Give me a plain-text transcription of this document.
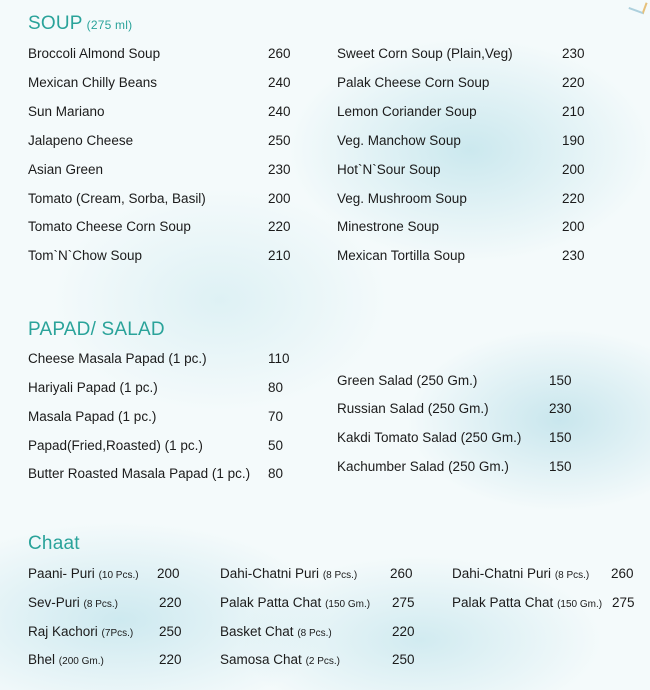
SOUP (275 ml)
Broccoli Almond Soup	260
Mexican Chilly Beans	240
Sun Mariano	240
Jalapeno Cheese	250
Asian Green	230
Tomato (Cream, Sorba, Basil)	200
Tomato Cheese Corn Soup	220
Tom`N`Chow Soup	210
Sweet Corn Soup (Plain,Veg)	230
Palak Cheese Corn Soup	220
Lemon Coriander Soup	210
Veg. Manchow Soup	190
Hot`N`Sour Soup	200
Veg. Mushroom Soup	220
Minestrone Soup	200
Mexican Tortilla Soup	230
PAPAD/ SALAD
Cheese Masala Papad (1 pc.)	110
Hariyali Papad (1 pc.)	80
Masala Papad (1 pc.)	70
Papad(Fried,Roasted) (1 pc.)	50
Butter Roasted Masala Papad (1 pc.) 80
Green Salad (250 Gm.)	150
Russian Salad (250 Gm.)	230
Kakdi Tomato Salad (250 Gm.) 150
Kachumber Salad (250 Gm.)	150
Chaat
Paani- Puri (10 Pcs.) 200
Sev-Puri (8 Pcs.)	220
Raj Kachori (7Pcs.) 250
Bhel (200 Gm.)	220
Dahi-Chatni Puri (8 Pcs.) 260
Palak Patta Chat (150 Gm.) 275
Basket Chat (8 Pcs.)	220
Samosa Chat (2 Pcs.)	250
Dahi-Chatni Puri (8 Pcs.) 260
Palak Patta Chat (150 Gm.) 275
